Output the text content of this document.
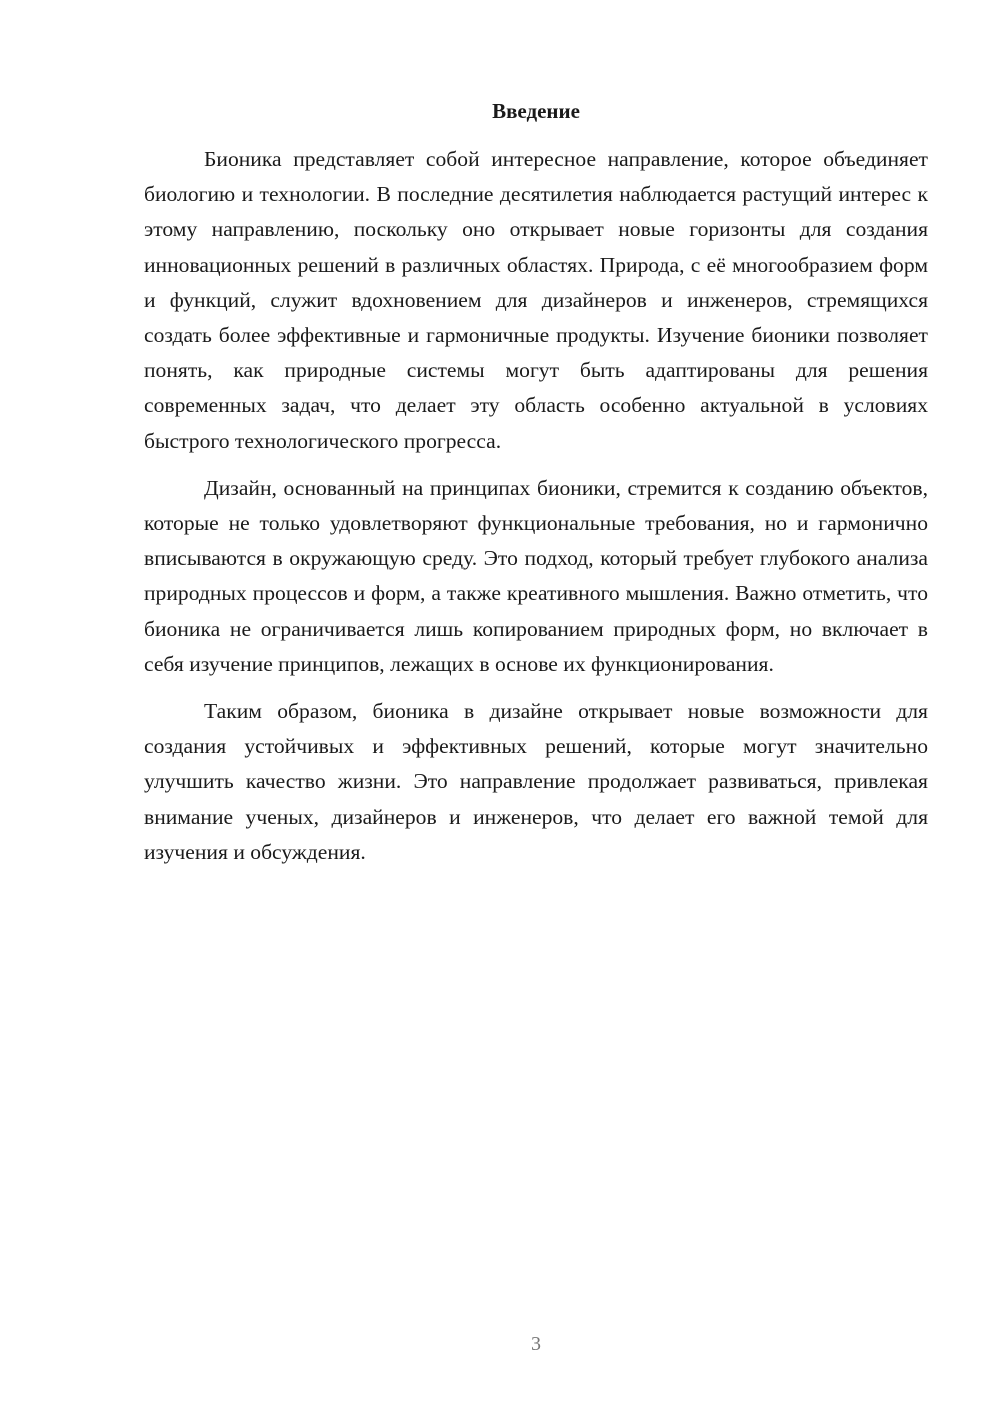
Введение

Бионика представляет собой интересное направление, которое объединяет биологию и технологии. В последние десятилетия наблюдается растущий интерес к этому направлению, поскольку оно открывает новые горизонты для создания инновационных решений в различных областях. Природа, с её многообразием форм и функций, служит вдохновением для дизайнеров и инженеров, стремящихся создать более эффективные и гармоничные продукты. Изучение бионики позволяет понять, как природные системы могут быть адаптированы для решения современных задач, что делает эту область особенно актуальной в условиях быстрого технологического прогресса.

Дизайн, основанный на принципах бионики, стремится к созданию объектов, которые не только удовлетворяют функциональные требования, но и гармонично вписываются в окружающую среду. Это подход, который требует глубокого анализа природных процессов и форм, а также креативного мышления. Важно отметить, что бионика не ограничивается лишь копированием природных форм, но включает в себя изучение принципов, лежащих в основе их функционирования.

Таким образом, бионика в дизайне открывает новые возможности для создания устойчивых и эффективных решений, которые могут значительно улучшить качество жизни. Это направление продолжает развиваться, привлекая внимание ученых, дизайнеров и инженеров, что делает его важной темой для изучения и обсуждения.

3
